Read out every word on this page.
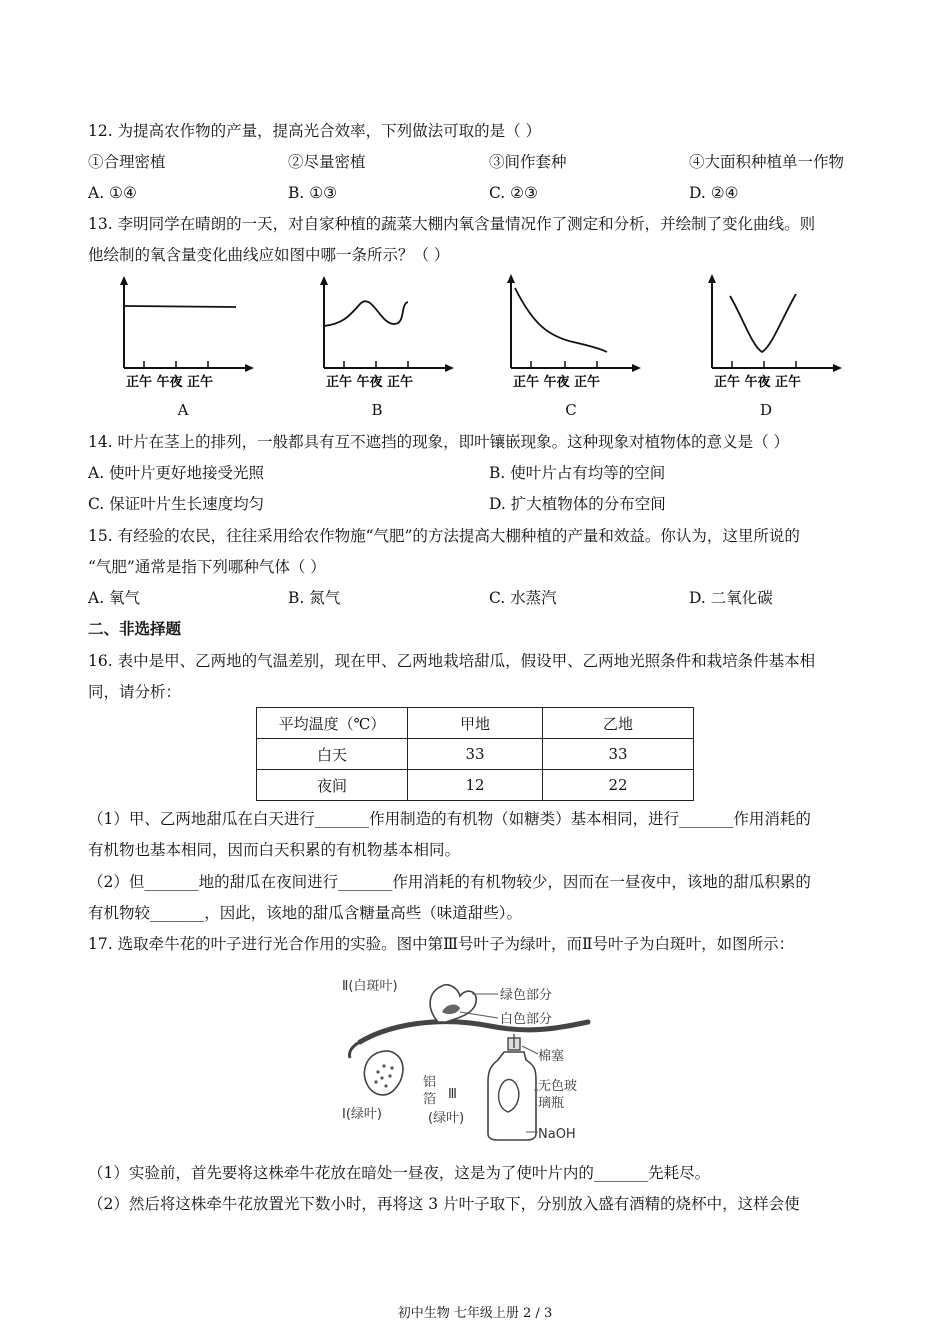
12. 为提高农作物的产量，提高光合效率，下列做法可取的是（ ）
①合理密植	②尽量密植	③间作套种	④大面积种植单一作物
A. ①④	B. ①③	C. ②③	D. ②④
13. 李明同学在晴朗的一天，对自家种植的蔬菜大棚内氧含量情况作了测定和分析，并绘制了变化曲线。则
他绘制的氧含量变化曲线应如图中哪一条所示？（ ）
正午 午夜 正午
A
正午 午夜 正午
B
正午 午夜 正午
C
正午 午夜 正午
D
14. 叶片在茎上的排列，一般都具有互不遮挡的现象，即叶镶嵌现象。这种现象对植物体的意义是（ ）
A. 使叶片更好地接受光照	B. 使叶片占有均等的空间
C. 保证叶片生长速度均匀	D. 扩大植物体的分布空间
15. 有经验的农民，往往采用给农作物施“气肥”的方法提高大棚种植的产量和效益。你认为，这里所说的
“气肥”通常是指下列哪种气体（ ）
A. 氧气	B. 氮气	C. 水蒸汽	D. 二氧化碳
二、非选择题
16. 表中是甲、乙两地的气温差别，现在甲、乙两地栽培甜瓜，假设甲、乙两地光照条件和栽培条件基本相
同，请分析：
平均温度（℃）	甲地	乙地
白天	33	33
夜间	12	22
（1）甲、乙两地甜瓜在白天进行_______作用制造的有机物（如糖类）基本相同，进行_______作用消耗的
有机物也基本相同，因而白天积累的有机物基本相同。
（2）但_______地的甜瓜在夜间进行_______作用消耗的有机物较少，因而在一昼夜中，该地的甜瓜积累的
有机物较_______，因此，该地的甜瓜含糖量高些（味道甜些）。
17. 选取牵牛花的叶子进行光合作用的实验。图中第Ⅲ号叶子为绿叶，而Ⅱ号叶子为白斑叶，如图所示：
Ⅱ(白斑叶)
绿色部分
白色部分
棉塞
无色玻
璃瓶
NaOH
铝
箔 Ⅲ
(绿叶)
Ⅰ(绿叶)
（1）实验前，首先要将这株牵牛花放在暗处一昼夜，这是为了使叶片内的_______先耗尽。
（2）然后将这株牵牛花放置光下数小时，再将这 3 片叶子取下，分别放入盛有酒精的烧杯中，这样会使
初中生物 七年级上册 2 / 3
